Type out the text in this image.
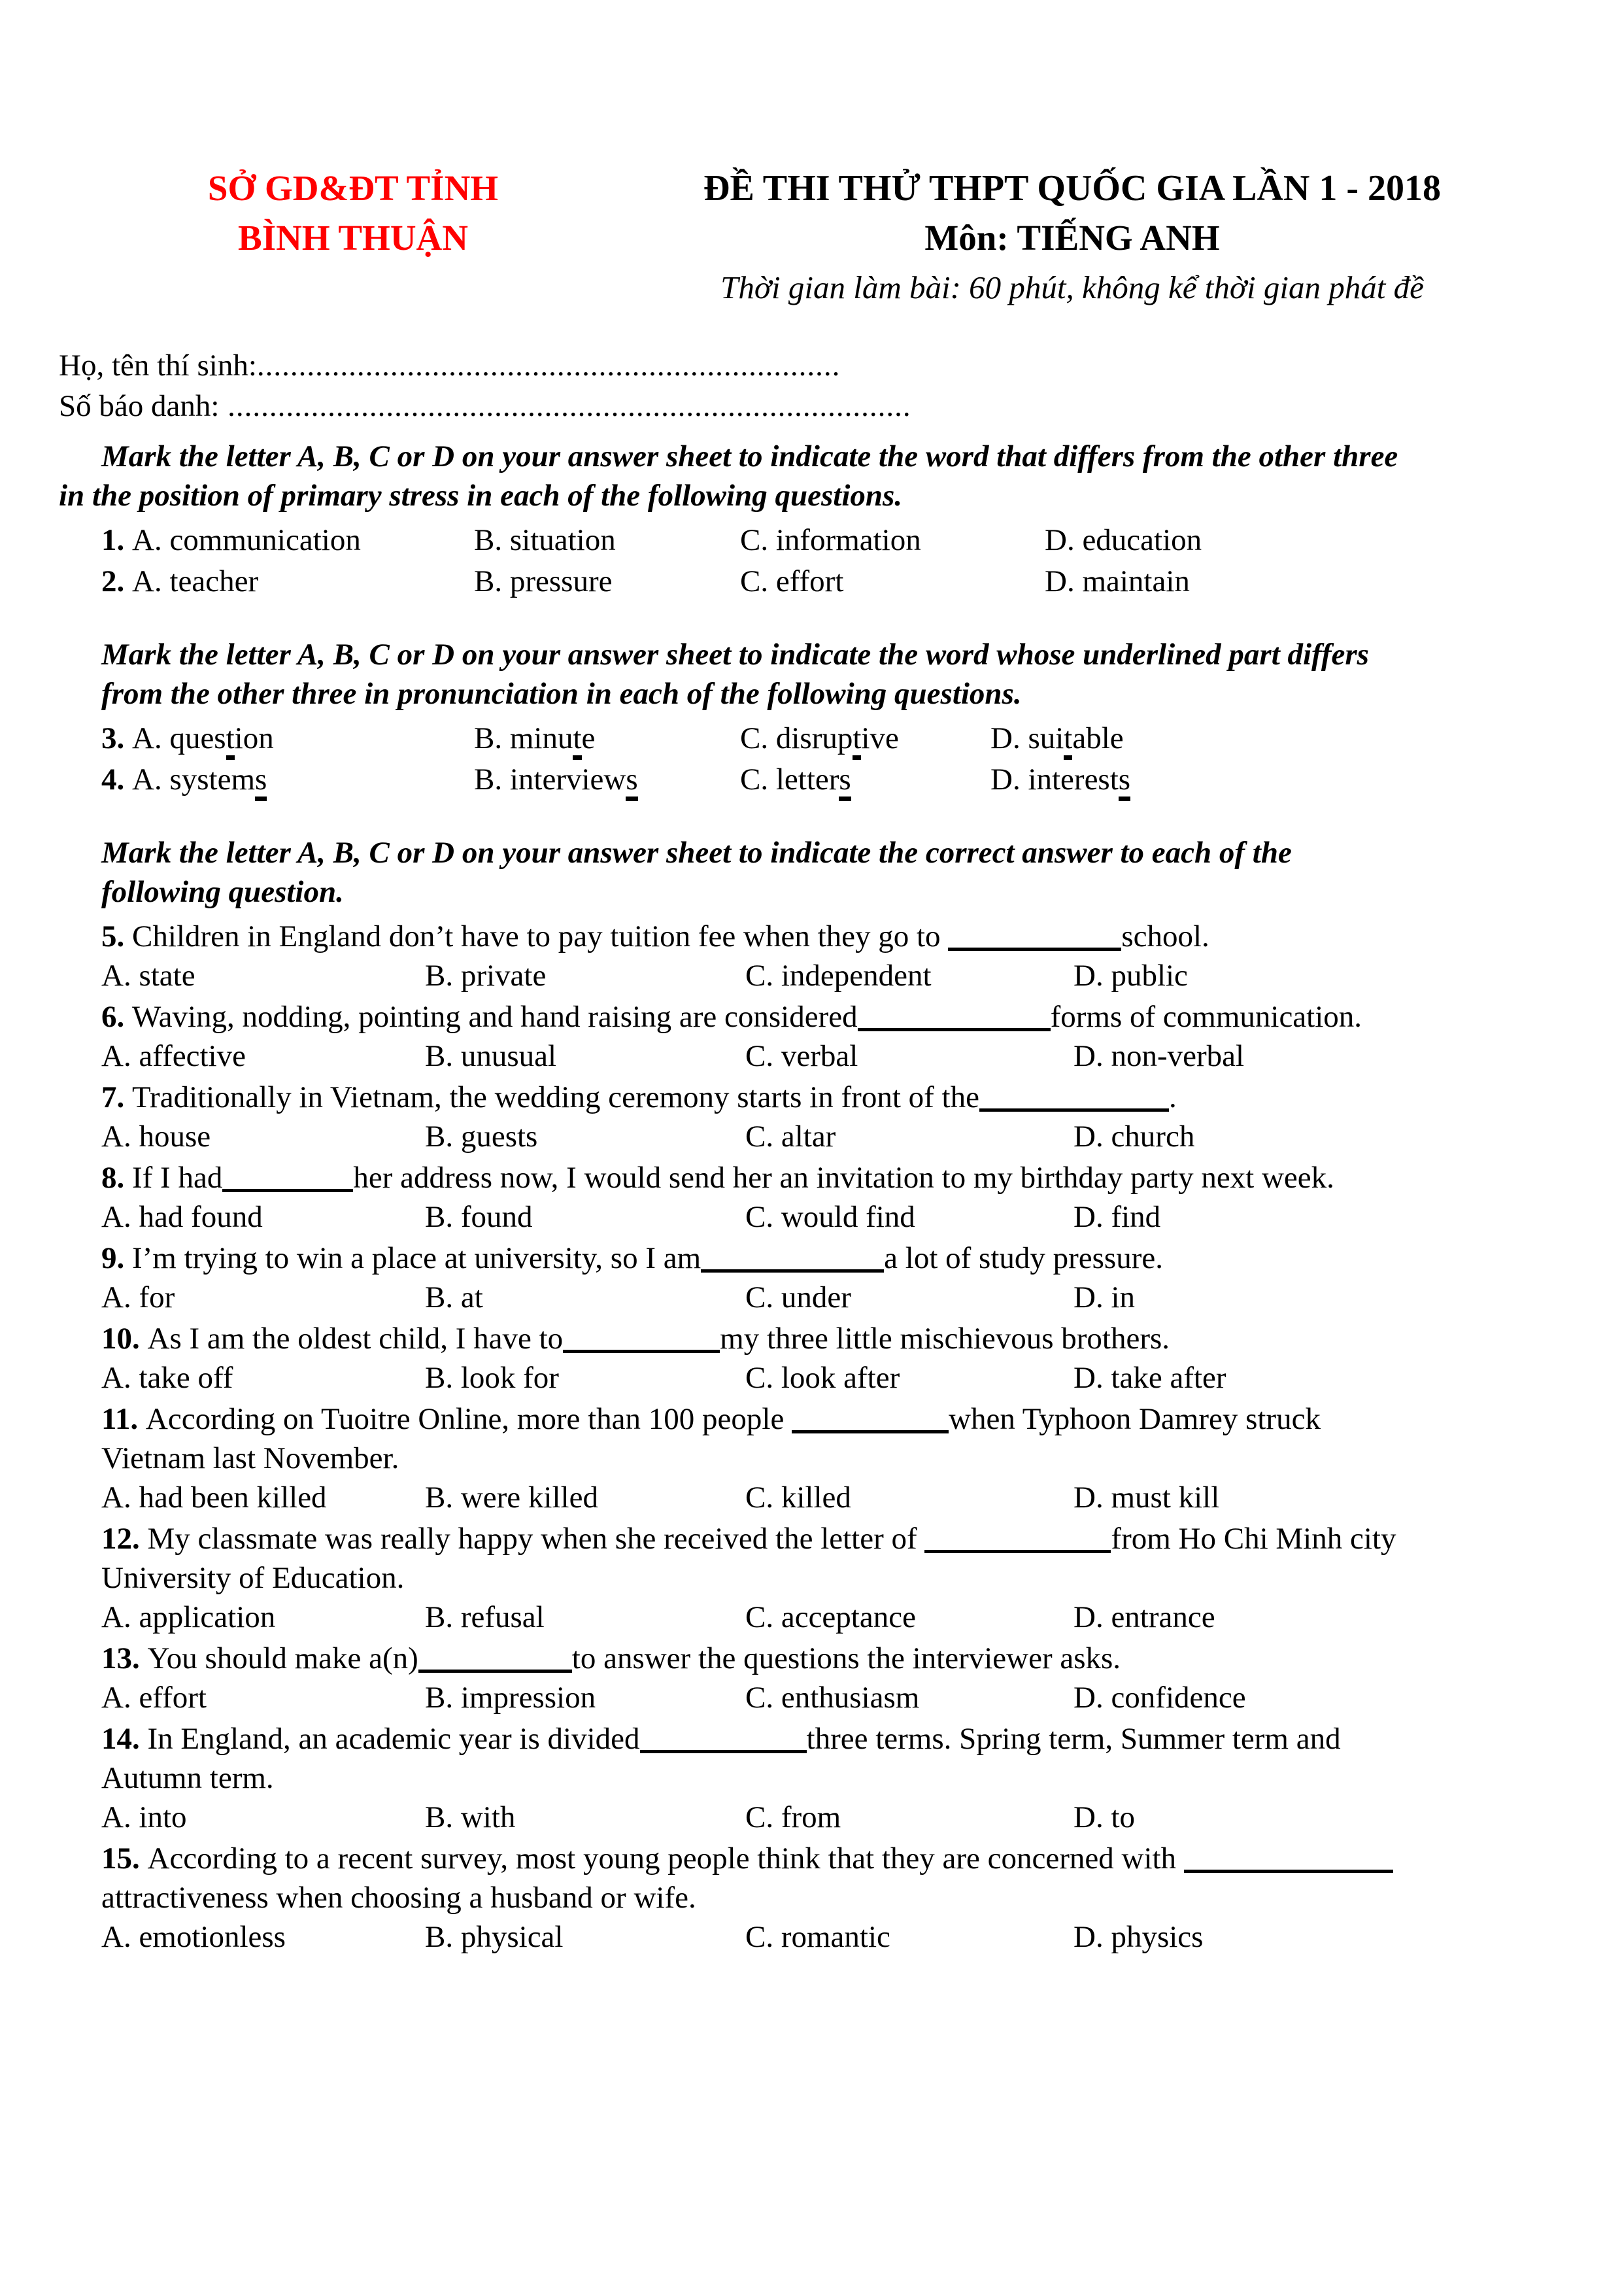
SỞ GD&ĐT TỈNH
BÌNH THUẬN
ĐỀ THI THỬ THPT QUỐC GIA LẦN 1 - 2018
Môn: TIẾNG ANH
Thời gian làm bài: 60 phút, không kể thời gian phát đề
Họ, tên thí sinh:......................................................................
Số báo danh: ..................................................................................
Mark the letter A, B, C or D on your answer sheet to indicate the word that differs from the other three
in the position of primary stress in each of the following questions.
1. A. communication	B. situation	C. information	D. education
2. A. teacher	B. pressure	C. effort	D. maintain
Mark the letter A, B, C or D on your answer sheet to indicate the word whose underlined part differs
from the other three in pronunciation in each of the following questions.
3. A. question	B. minute	C. disruptive	D. suitable
4. A. systems	B. interviews	C. letters	D. interests
Mark the letter A, B, C or D on your answer sheet to indicate the correct answer to each of the
following question.
5. Children in England don’t have to pay tuition fee when they go to	school.
A. state	B. private	C. independent	D. public
6. Waving, nodding, pointing and hand raising are considered	forms of communication.
A. affective	B. unusual	C. verbal	D. non-verbal
7. Traditionally in Vietnam, the wedding ceremony starts in front of the	.
A. house	B. guests	C. altar	D. church
8. If I had	her address now, I would send her an invitation to my birthday party next week.
A. had found	B. found	C. would find	D. find
9. I’m trying to win a place at university, so I am	a lot of study pressure.
A. for	B. at	C. under	D. in
10. As I am the oldest child, I have to	my three little mischievous brothers.
A. take off	B. look for	C. look after	D. take after
11. According on Tuoitre Online, more than 100 people	when Typhoon Damrey struck
Vietnam last November.
A. had been killed	B. were killed	C. killed	D. must kill
12. My classmate was really happy when she received the letter of	from Ho Chi Minh city
University of Education.
A. application	B. refusal	C. acceptance	D. entrance
13. You should make a(n)	to answer the questions the interviewer asks.
A. effort	B. impression	C. enthusiasm	D. confidence
14. In England, an academic year is divided	three terms. Spring term, Summer term and
Autumn term.
A. into	B. with	C. from	D. to
15. According to a recent survey, most young people think that they are concerned with
attractiveness when choosing a husband or wife.
A. emotionless	B. physical	C. romantic	D. physics
